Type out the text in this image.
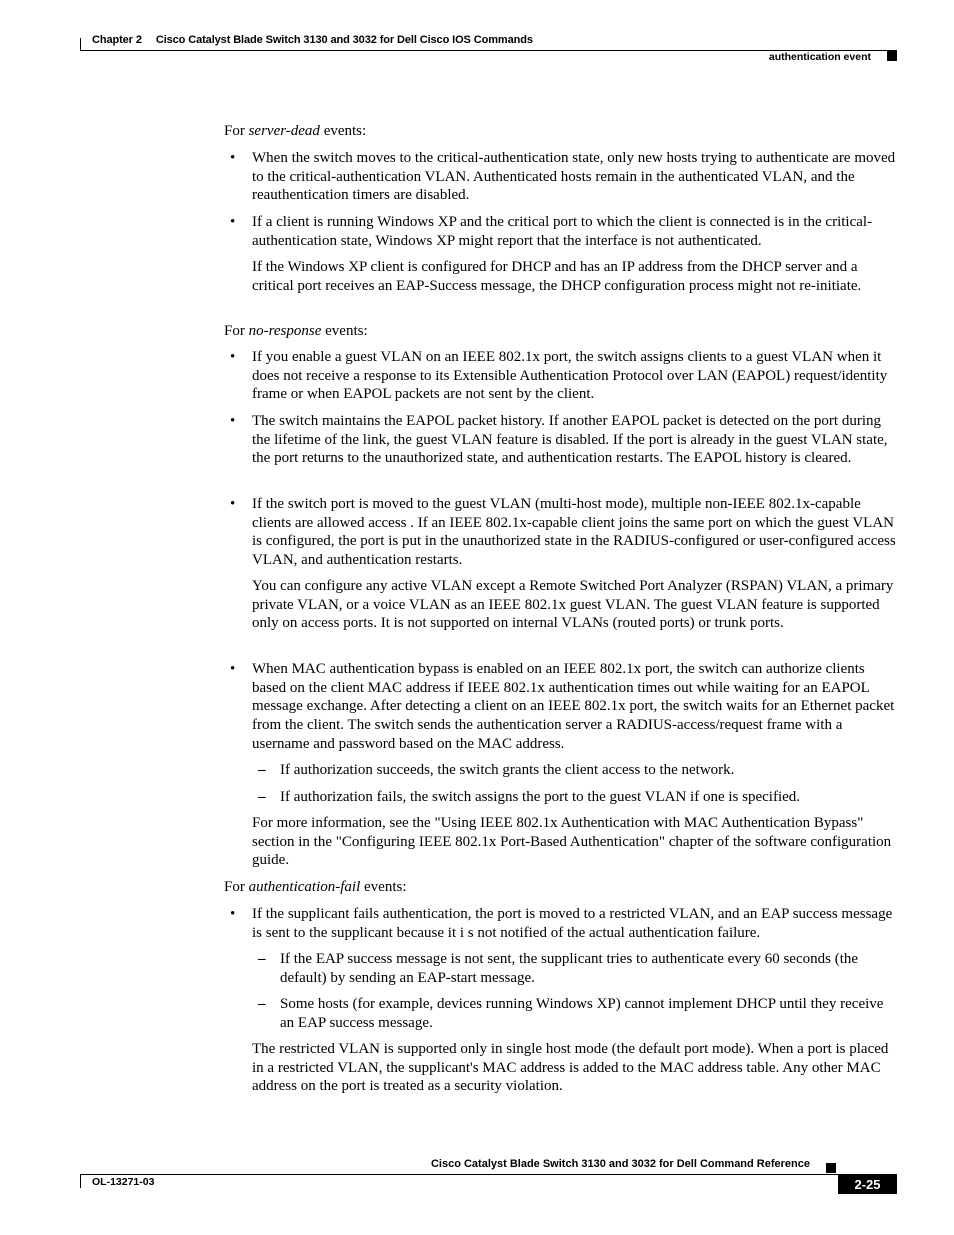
Chapter 2 Cisco Catalyst Blade Switch 3130 and 3032 for Dell Cisco IOS Commands
authentication event
For server-dead events:
• When the switch moves to the critical-authentication state, only new hosts trying to authenticate are moved to the critical-authentication VLAN. Authenticated hosts remain in the authenticated VLAN, and the reauthentication timers are disabled.
• If a client is running Windows XP and the critical port to which the client is connected is in the critical-authentication state, Windows XP might report that the interface is not authenticated.
If the Windows XP client is configured for DHCP and has an IP address from the DHCP server and a critical port receives an EAP-Success message, the DHCP configuration process might not re-initiate.
For no-response events:
• If you enable a guest VLAN on an IEEE 802.1x port, the switch assigns clients to a guest VLAN when it does not receive a response to its Extensible Authentication Protocol over LAN (EAPOL) request/identity frame or when EAPOL packets are not sent by the client.
• The switch maintains the EAPOL packet history. If another EAPOL packet is detected on the port during the lifetime of the link, the guest VLAN feature is disabled. If the port is already in the guest VLAN state, the port returns to the unauthorized state, and authentication restarts. The EAPOL history is cleared.
• If the switch port is moved to the guest VLAN (multi-host mode), multiple non-IEEE 802.1x-capable clients are allowed access . If an IEEE 802.1x-capable client joins the same port on which the guest VLAN is configured, the port is put in the unauthorized state in the RADIUS-configured or user-configured access VLAN, and authentication restarts.
You can configure any active VLAN except a Remote Switched Port Analyzer (RSPAN) VLAN, a primary private VLAN, or a voice VLAN as an IEEE 802.1x guest VLAN. The guest VLAN feature is supported only on access ports. It is not supported on internal VLANs (routed ports) or trunk ports.
• When MAC authentication bypass is enabled on an IEEE 802.1x port, the switch can authorize clients based on the client MAC address if IEEE 802.1x authentication times out while waiting for an EAPOL message exchange. After detecting a client on an IEEE 802.1x port, the switch waits for an Ethernet packet from the client. The switch sends the authentication server a RADIUS-access/request frame with a username and password based on the MAC address.
– If authorization succeeds, the switch grants the client access to the network.
– If authorization fails, the switch assigns the port to the guest VLAN if one is specified.
For more information, see the "Using IEEE 802.1x Authentication with MAC Authentication Bypass" section in the "Configuring IEEE 802.1x Port-Based Authentication" chapter of the software configuration guide.
For authentication-fail events:
• If the supplicant fails authentication, the port is moved to a restricted VLAN, and an EAP success message is sent to the supplicant because it i s not notified of the actual authentication failure.
– If the EAP success message is not sent, the supplicant tries to authenticate every 60 seconds (the default) by sending an EAP-start message.
– Some hosts (for example, devices running Windows XP) cannot implement DHCP until they receive an EAP success message.
The restricted VLAN is supported only in single host mode (the default port mode). When a port is placed in a restricted VLAN, the supplicant's MAC address is added to the MAC address table. Any other MAC address on the port is treated as a security violation.
Cisco Catalyst Blade Switch 3130 and 3032 for Dell Command Reference
OL-13271-03	2-25
